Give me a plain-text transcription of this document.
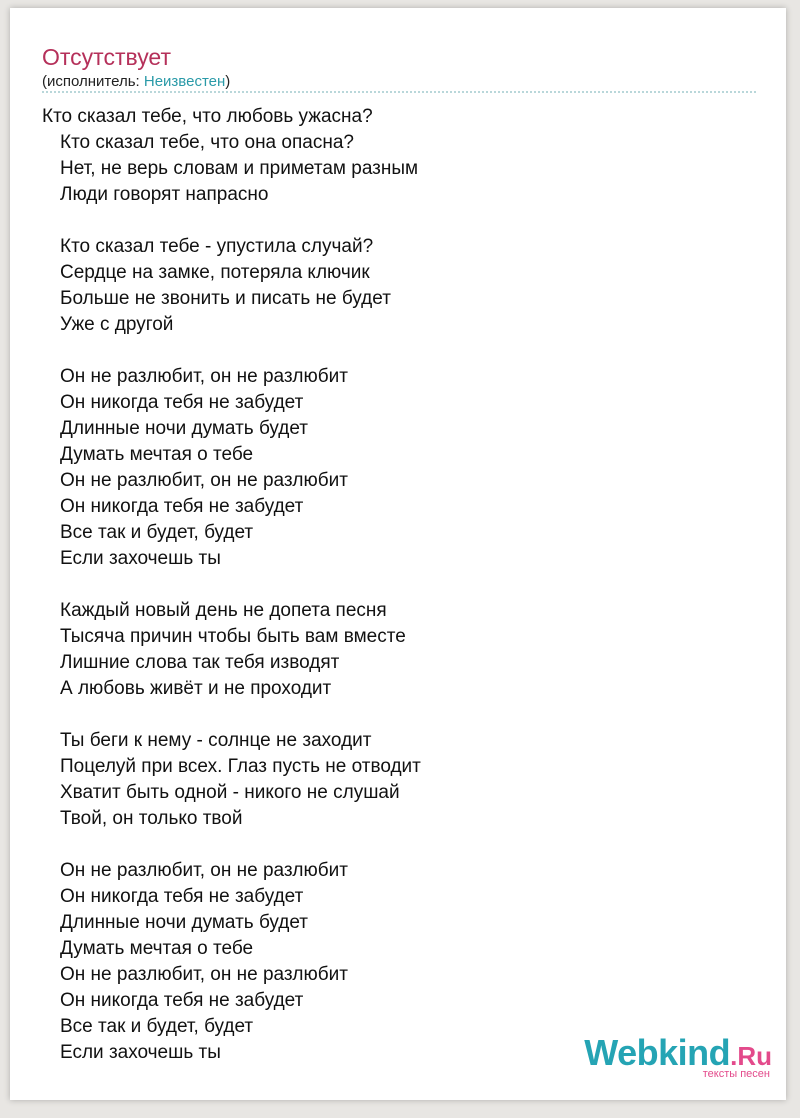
Отсутствует
(исполнитель: Неизвестен)
Кто сказал тебе, что любовь ужасна?
Кто сказал тебе, что она опасна?
Нет, не верь словам и приметам разным
Люди говорят напрасно
Кто сказал тебе - упустила случай?
Сердце на замке, потеряла ключик
Больше не звонить и писать не будет
Уже с другой
Он не разлюбит, он не разлюбит
Он никогда тебя не забудет
Длинные ночи думать будет
Думать мечтая о тебе
Он не разлюбит, он не разлюбит
Он никогда тебя не забудет
Все так и будет, будет
Если захочешь ты
Каждый новый день не допета песня
Тысяча причин чтобы быть вам вместе
Лишние слова так тебя изводят
А любовь живёт и не проходит
Ты беги к нему - солнце не заходит
Поцелуй при всех. Глаз пусть не отводит
Хватит быть одной - никого не слушай
Твой, он только твой
Он не разлюбит, он не разлюбит
Он никогда тебя не забудет
Длинные ночи думать будет
Думать мечтая о тебе
Он не разлюбит, он не разлюбит
Он никогда тебя не забудет
Все так и будет, будет
Если захочешь ты	Webkind.Ru
тексты песен
